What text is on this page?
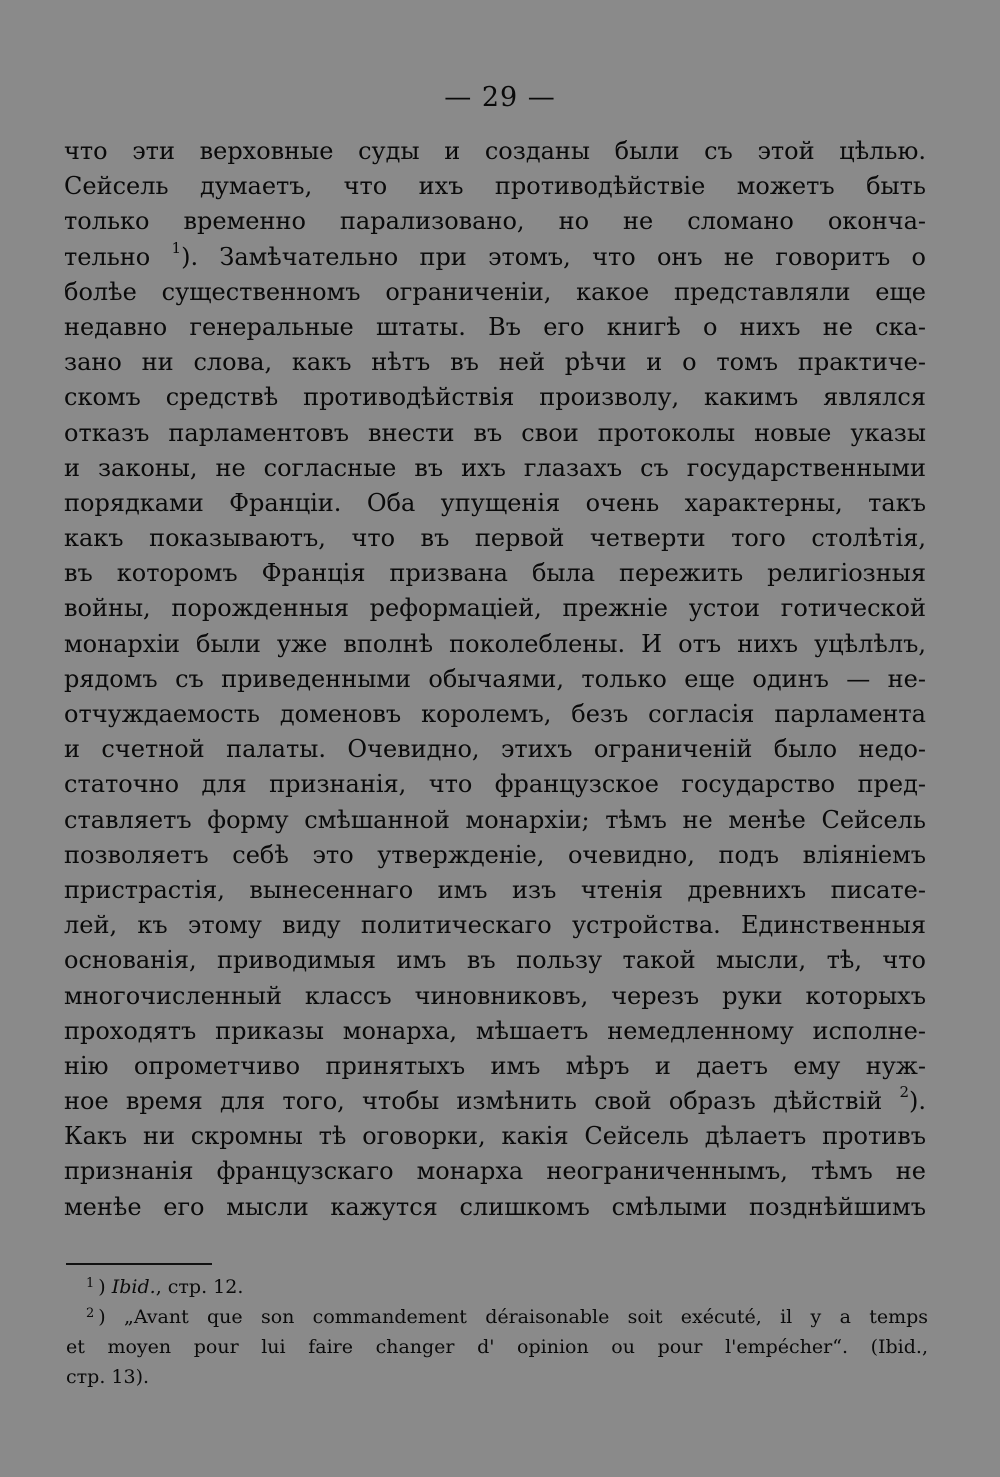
— 29 —
что эти верховные суды и созданы были съ этой цѣлью.
Сейсель думаетъ, что ихъ противодѣйствіе можетъ быть
только временно парализовано, но не сломано оконча-
тельно $^1$). Замѣчательно при этомъ, что онъ не говоритъ о
болѣе существенномъ ограниченіи, какое представляли еще
недавно генеральные штаты. Въ его книгѣ о нихъ не ска-
зано ни слова, какъ нѣтъ въ ней рѣчи и о томъ практиче-
скомъ средствѣ противодѣйствія произволу, какимъ являлся
отказъ парламентовъ внести въ свои протоколы новые указы
и законы, не согласные въ ихъ глазахъ съ государственными
порядками Франціи. Оба упущенія очень характерны, такъ
какъ показываютъ, что въ первой четверти того столѣтія,
въ которомъ Франція призвана была пережить религіозныя
войны, порожденныя реформаціей, прежніе устои готической
монархіи были уже вполнѣ поколеблены. И отъ нихъ уцѣлѣлъ,
рядомъ съ приведенными обычаями, только еще одинъ — не-
отчуждаемость доменовъ королемъ, безъ согласія парламента
и счетной палаты. Очевидно, этихъ ограниченій было недо-
статочно для признанія, что французское государство пред-
ставляетъ форму смѣшанной монархіи; тѣмъ не менѣе Сейсель
позволяетъ себѣ это утвержденіе, очевидно, подъ вліяніемъ
пристрастія, вынесеннаго имъ изъ чтенія древнихъ писате-
лей, къ этому виду политическаго устройства. Единственныя
основанія, приводимыя имъ въ пользу такой мысли, тѣ, что
многочисленный классъ чиновниковъ, черезъ руки которыхъ
проходятъ приказы монарха, мѣшаетъ немедленному исполне-
нію опрометчиво принятыхъ имъ мѣръ и даетъ ему нуж-
ное время для того, чтобы измѣнить свой образъ дѣйствій $^2$).
Какъ ни скромны тѣ оговорки, какія Сейсель дѣлаетъ противъ
признанія французскаго монарха неограниченнымъ, тѣмъ не
менѣе его мысли кажутся слишкомъ смѣлыми позднѣйшимъ
$^1$ ) Ibid., стр. 12.
$^2$ ) „Avant que son commandement déraisonable soit exécuté, il y a temps
et moyen pour lui faire changer d' opinion ou pour l'empécher“. (Ibid.,
стр. 13).
